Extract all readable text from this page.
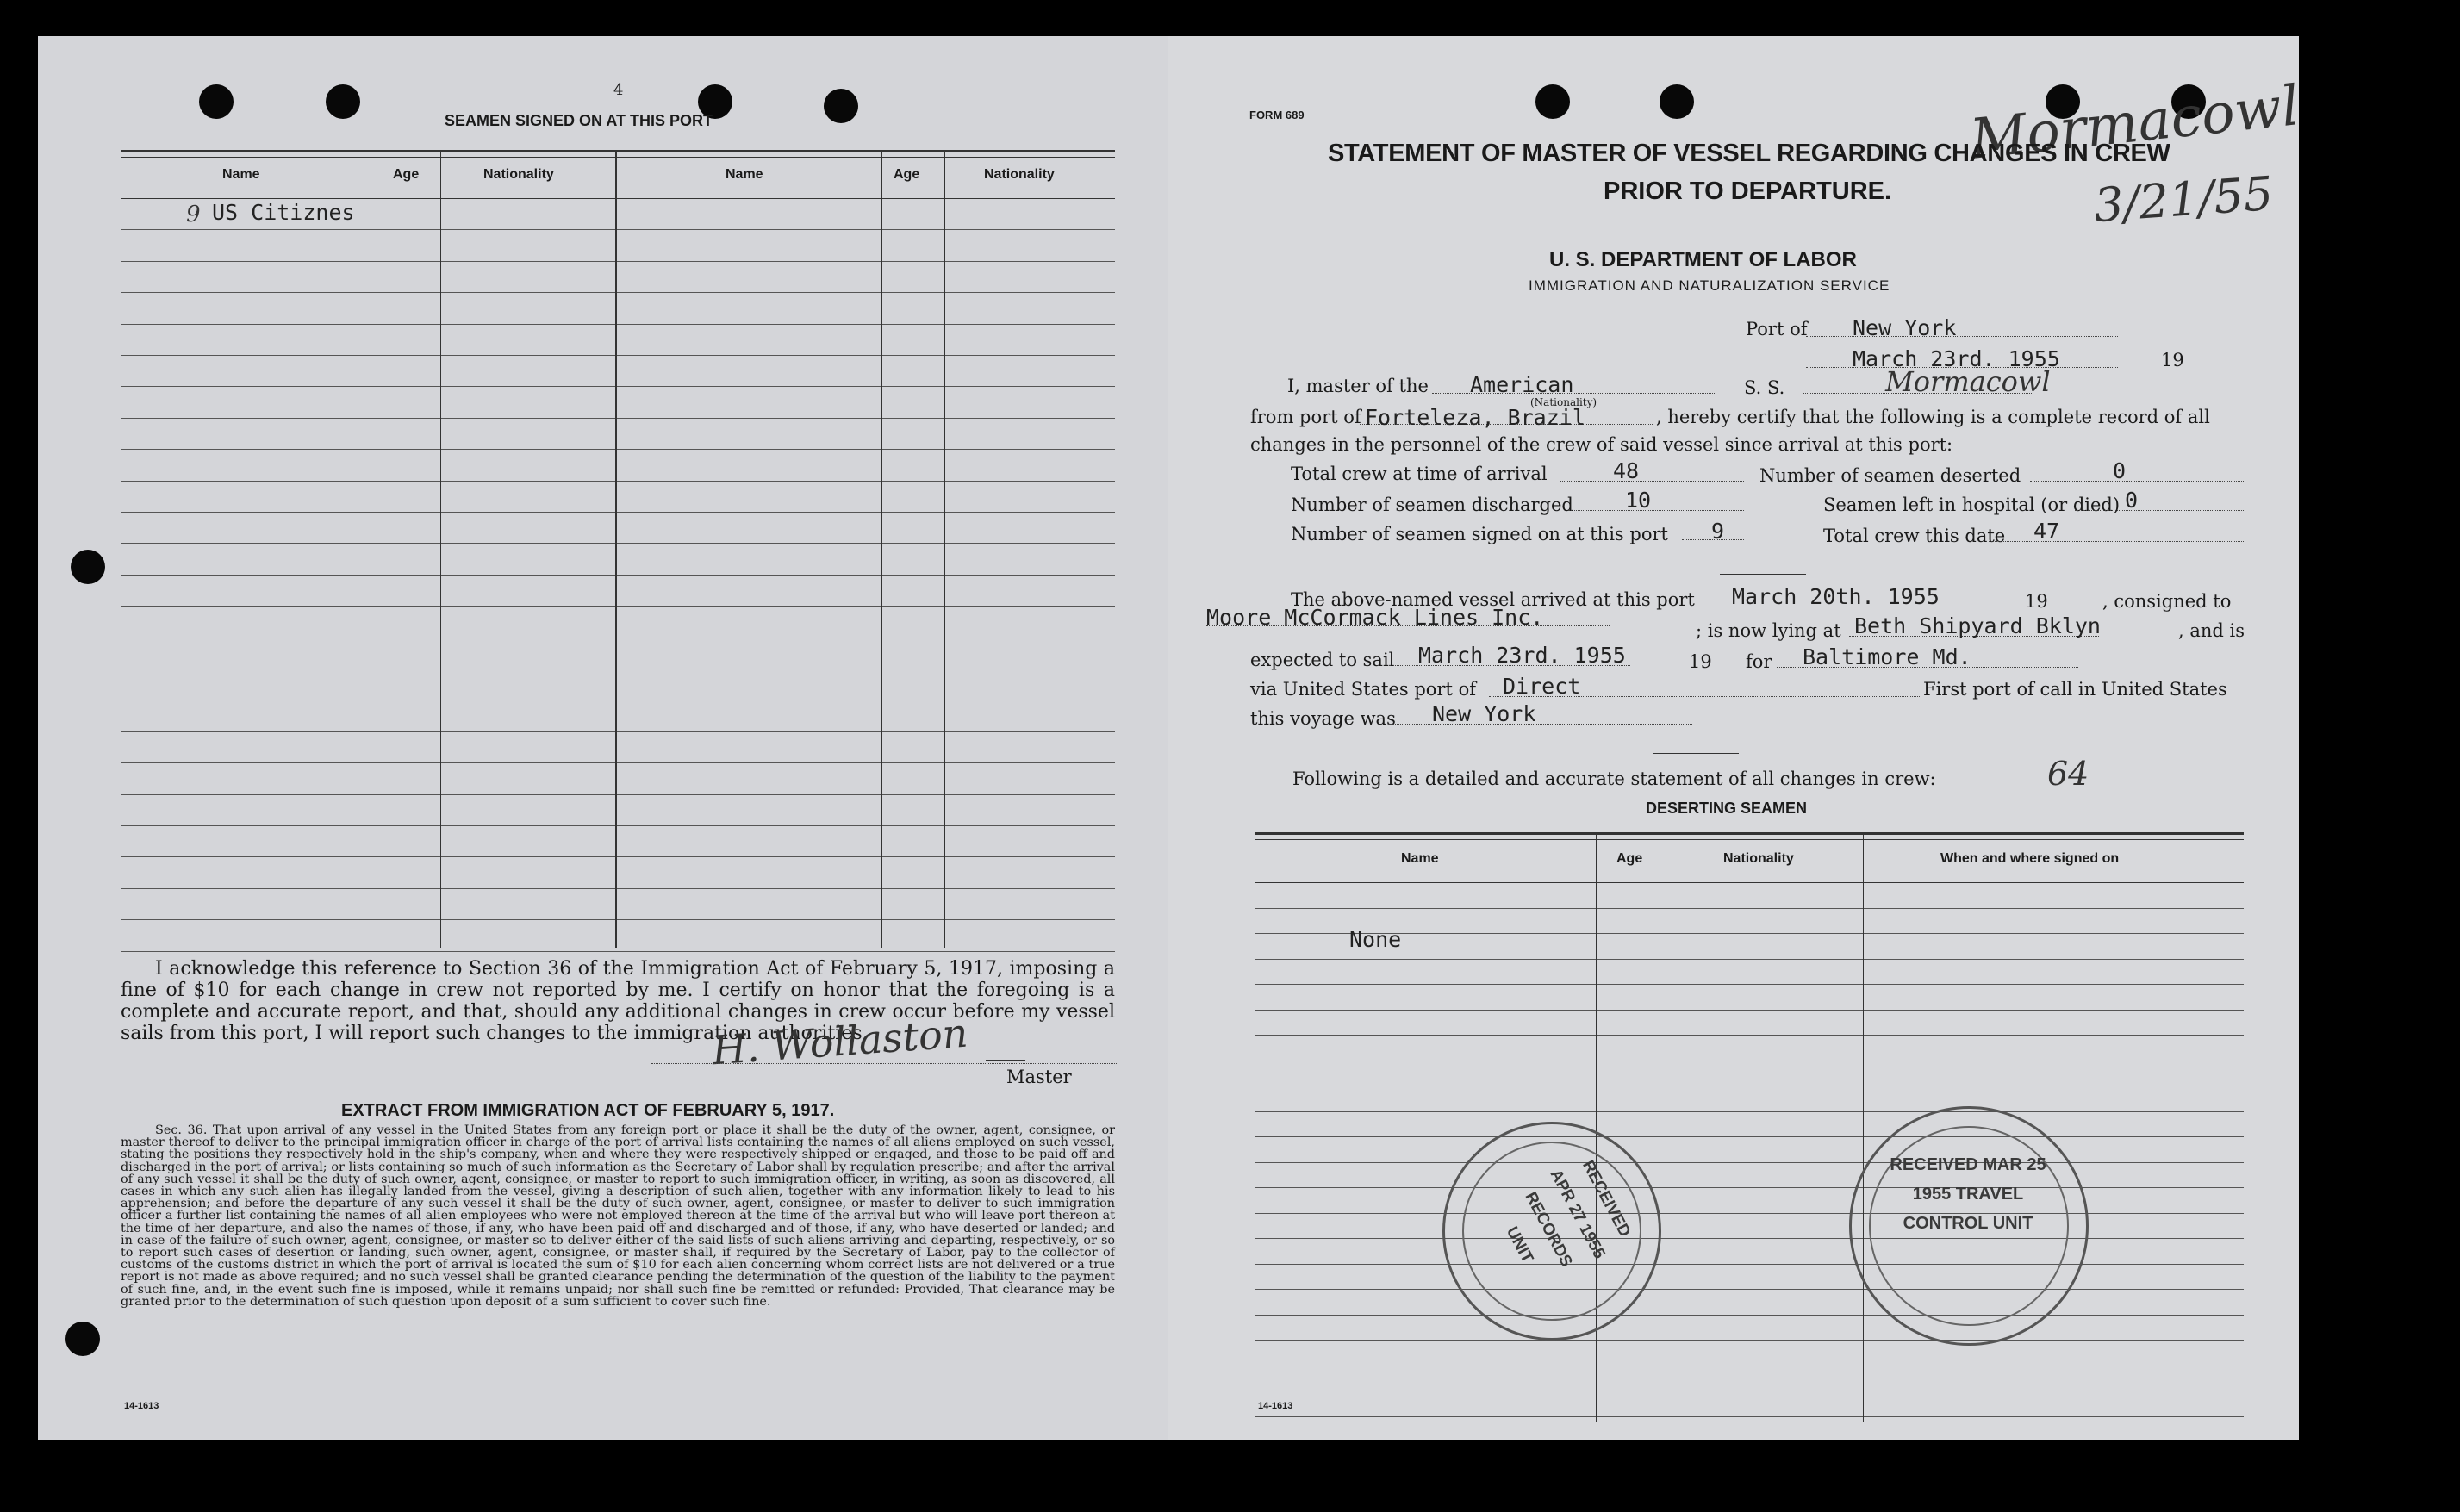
4
SEAMEN SIGNED ON AT THIS PORT
Name	Age	Nationality	Name	Age	Nationality
9 US Citiznes
I acknowledge this reference to Section 36 of the Immigration Act of February 5, 1917, imposing a fine of $10 for each change in crew not reported by me. I certify on honor that the foregoing is a complete and accurate report, and that, should any additional changes in crew occur before my vessel sails from this port, I will report such changes to the immigration authorities.
H. Wollaston
Master
EXTRACT FROM IMMIGRATION ACT OF FEBRUARY 5, 1917.
Sec. 36. That upon arrival of any vessel in the United States from any foreign port or place it shall be the duty of the owner, agent, consignee, or master thereof to deliver to the principal immigration officer in charge of the port of arrival lists containing the names of all aliens employed on such vessel, stating the positions they respectively hold in the ship's company, when and where they were respectively shipped or engaged, and those to be paid off and discharged in the port of arrival; or lists containing so much of such information as the Secretary of Labor shall by regulation prescribe; and after the arrival of any such vessel it shall be the duty of such owner, agent, consignee, or master to report to such immigration officer, in writing, as soon as discovered, all cases in which any such alien has illegally landed from the vessel, giving a description of such alien, together with any information likely to lead to his apprehension; and before the departure of any such vessel it shall be the duty of such owner, agent, consignee, or master to deliver to such immigration officer a further list containing the names of all alien employees who were not employed thereon at the time of the arrival but who will leave port thereon at the time of her departure, and also the names of those, if any, who have been paid off and discharged and of those, if any, who have deserted or landed; and in case of the failure of such owner, agent, consignee, or master so to deliver either of the said lists of such aliens arriving and departing, respectively, or so to report such cases of desertion or landing, such owner, agent, consignee, or master shall, if required by the Secretary of Labor, pay to the collector of customs of the customs district in which the port of arrival is located the sum of $10 for each alien concerning whom correct lists are not delivered or a true report is not made as above required; and no such vessel shall be granted clearance pending the determination of the question of the liability to the payment of such fine, and, in the event such fine is imposed, while it remains unpaid; nor shall such fine be remitted or refunded: Provided, That clearance may be granted prior to the determination of such question upon deposit of a sum sufficient to cover such fine.
14-1613
FORM 689	Mormacowl
3/21/55
STATEMENT OF MASTER OF VESSEL REGARDING CHANGES IN CREW
PRIOR TO DEPARTURE.
U. S. DEPARTMENT OF LABOR
IMMIGRATION AND NATURALIZATION SERVICE
Port of New York
March 23rd. 1955	19
I, master of the American
(Nationality)
S. S.	Mormacowl
from port of Forteleza, Brazil	, hereby certify that the following is a complete record of all
changes in the personnel of the crew of said vessel since arrival at this port:
Total crew at time of arrival	48	Number of seamen deserted	0
Number of seamen discharged 10	Seamen left in hospital (or died) 0
Number of seamen signed on at this port 9	Total crew this date 47
The above-named vessel arrived at this port March 20th. 1955	19	, consigned to
Moore McCormack Lines Inc.
; is now lying at Beth Shipyard Bklyn	, and is
expected to sail March 23rd. 1955	19 for Baltimore Md.
via United States port of Direct	First port of call in United States
this voyage was New York
Following is a detailed and accurate statement of all changes in crew:	64
DESERTING SEAMEN
Name	Age	Nationality	When and where signed on
None
RECEIVED APR 27 1955 RECORDS UNIT
RECEIVED MAR 25 1955 TRAVEL CONTROL UNIT
14-1613
